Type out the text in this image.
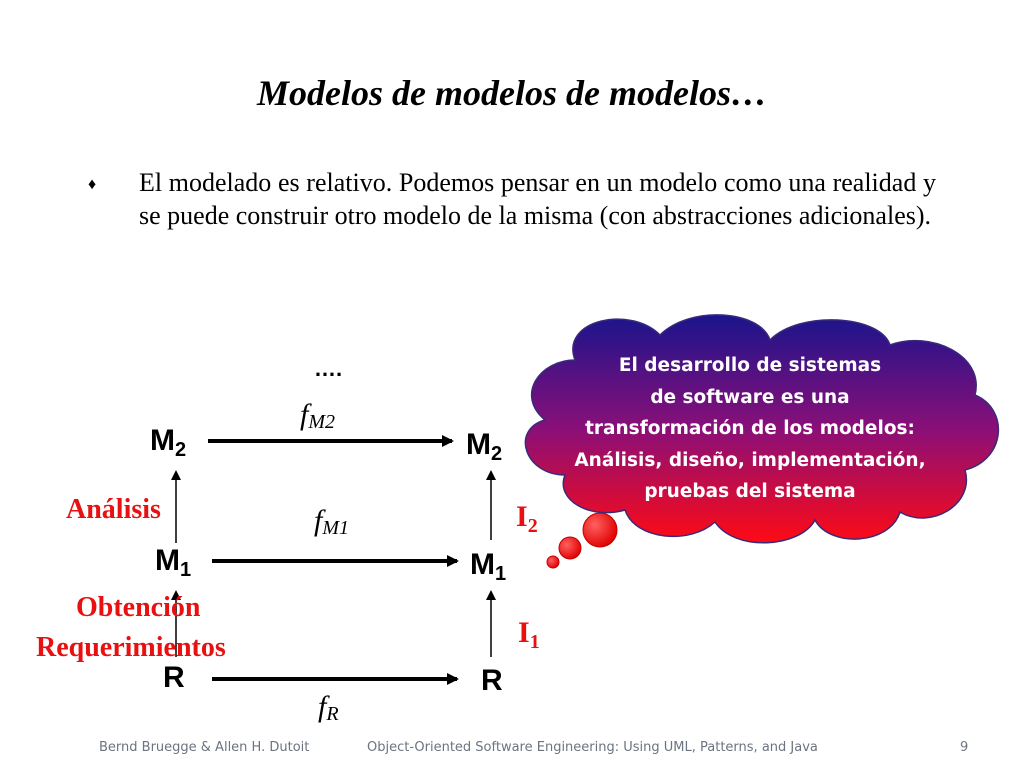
Modelos de modelos de modelos…
♦ El modelado es relativo. Podemos pensar en un modelo como una realidad y se puede construir otro modelo de la misma (con abstracciones adicionales).
….
$M_2$
$M_1$
R
$M_2$
$M_1$
R
$f_{M2}$
$f_{M1}$
$f_R$
Análisis
Obtención
Requerimientos
$I_2$
$I_1$
El desarrollo de sistemas
de software es una
transformación de los modelos:
Análisis, diseño, implementación,
pruebas del sistema
Bernd Bruegge & Allen H. Dutoit	Object-Oriented Software Engineering: Using UML, Patterns, and Java	9
